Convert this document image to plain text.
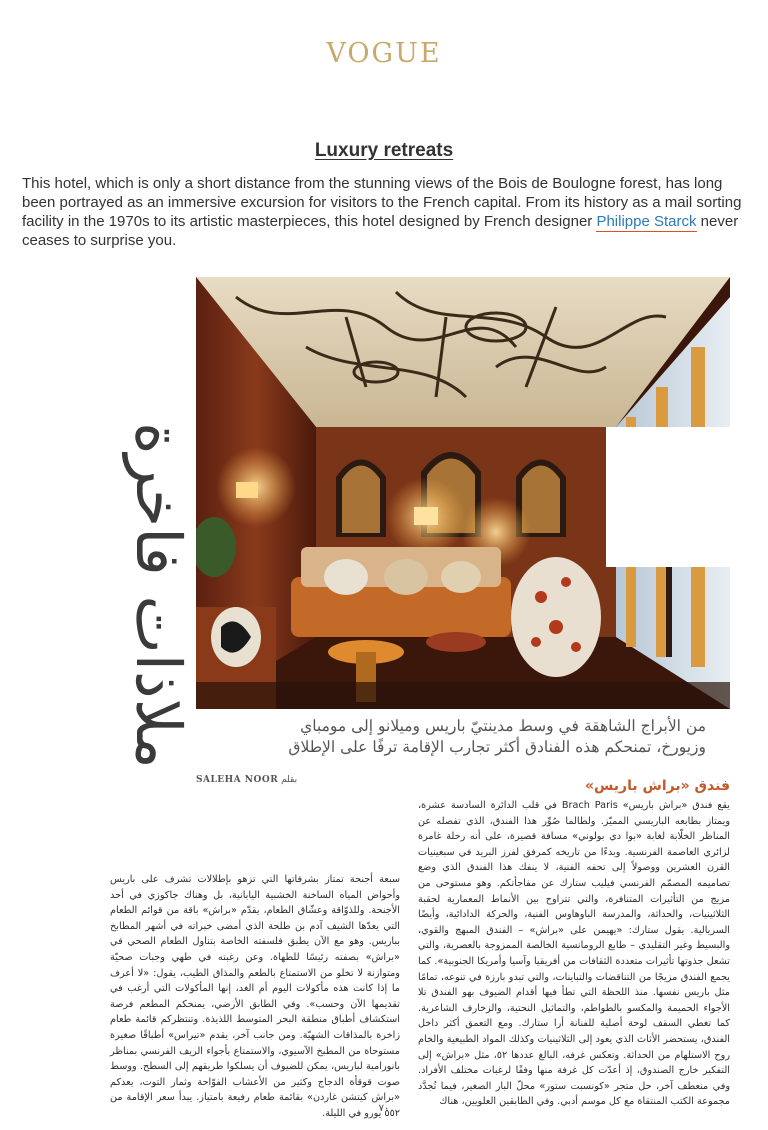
VOGUE
Luxury retreats

This hotel, which is only a short distance from the stunning views of the Bois de Boulogne forest, has long been portrayed as an immersive excursion for visitors to the French capital. From its history as a mail sorting facility in the 1970s to its artistic masterpieces, this hotel designed by French designer Philippe Starck never ceases to surprise you.

ملاذات فاخرة	من الأبراج الشاهقة في وسط مدينتيّ باريس وميلانو إلى مومباي
وزيورخ، تمنحكم هذه الفنادق أكثر تجارب الإقامة ترفًا على الإطلاق
بقلم SALEHA NOOR	فندق «براش باريس»

يقع فندق «براش باريس» Brach Paris في قلب الدائرة السادسة عشرة، ويمتاز بطابعه الباريسي المميّز. ولطالما صُوِّر هذا الفندق، الذي تفصله عن المناظر الخلّابة لغابة «بوا دي بولوني» مسافة قصيرة، على أنه رحلة غامرة لزائري العاصمة الفرنسية. وبدءًا من تاريخه كمرفق لفرز البريد في سبعينيات القرن العشرين ووصولاً إلى تحفه الفنية، لا ينفك هذا الفندق الذي وضع تصاميمه المصمّم الفرنسي فيليب ستارك عن مفاجأتكم. وهو مستوحى من مزيج من التأثيرات المتنافرة، والتي تتراوح بين الأنماط المعمارية لحقبة الثلاثينيات، والحداثة، والمدرسة الباوهاوس الفنية، والحركة الدادائية، وأيضًا السريالية. يقول ستارك: «يهيمن على «براش» – الفندق المبهج والقوي، والبسيط وغير التقليدي – طابع الرومانسية الخالصة الممزوجة بالعصرية، والتي تشعل جذوتها تأثيرات متعددة الثقافات من أفريقيا وآسيا وأمريكا الجنوبية». كما يجمع الفندق مزيجًا من التناقضات والتباينات، والتي تبدو بارزة في تنوعه، تمامًا مثل باريس نفسها. منذ اللحظة التي تطأ فيها أقدام الضيوف بهو الفندق تلا الأجواء الحميمة والمكسو بالطواطم، والتماثيل النحتية، والزخارف الشاعرية. كما تغطي السقف لوحة أصلية للفنانة أرا ستارك. ومع التعمق أكثر داخل الفندق، يستحضر الأثاث الذي يعود إلى الثلاثينيات وكذلك المواد الطبيعية والخام روح الاستلهام من الحداثة. وتعكس غرفه، البالغ عددها ٥٢، مثل «براش» إلى التفكير خارج الصندوق، إذ أعدّت كل غرفة منها وفقًا لرغبات مختلف الأفراد. وفي منعطف آخر، حل متجر «كونسبت ستور» محلّ البار الصغير، فيما تُجدَّد مجموعة الكتب المنتقاة مع كل موسم أدبي. وفي الطابقين العلويين، هناك

سبعة أجنحة تمتاز بشرفاتها التي تزهو بإطلالات تشرف على باريس وأحواض المياه الساخنة الخشبية اليابانية، بل وهناك جاكوزي في أحد الأجنحة. وللذوّاقة وعشّاق الطعام، يقدّم «براش» باقة من قوائم الطعام التي يعدّها الشيف آدم بن طلحة الذي أمضى خبراته في أشهر المطابخ بباريس. وهو مع الآن يطبق فلسفته الخاصة بتناول الطعام الصحي في «براش» بصفته رئيسًا للطهاة. وعن رغبته في طهي وجبات صحيّة ومتوازنة لا تخلو من الاستمتاع بالطعم والمذاق الطيب، يقول: «لا أعرف ما إذا كانت هذه مأكولات اليوم أم الغد، إنها المأكولات التي أرغب في تقديمها الآن وحسب». وفي الطابق الأرضي، يمنحكم المطعم فرصة استكشاف أطباق منطقة البحر المتوسط اللذيذة. وتنتظركم قائمة طعام زاخرة بالمذاقات الشهيّة. ومن جانب آخر، يقدم «تيراس» أطباقًا صغيرة مستوحاة من المطبخ الآسيوي، والاستمتاع بأجواء الريف الفرنسي بمناظر بانورامية لباريس، يمكن للضيوف أن يسلكوا طريقهم إلى السطح. ووسط صوت قوقأة الدجاج وكثير من الأعشاب الفوّاحة وثمار التوت، يعدكم «براش كيتشن غاردن» بقائمة طعام رفيعة بامتياز. يبدأ سعر الإقامة من ٥٥٢ يورو في الليلة.

٧٠
